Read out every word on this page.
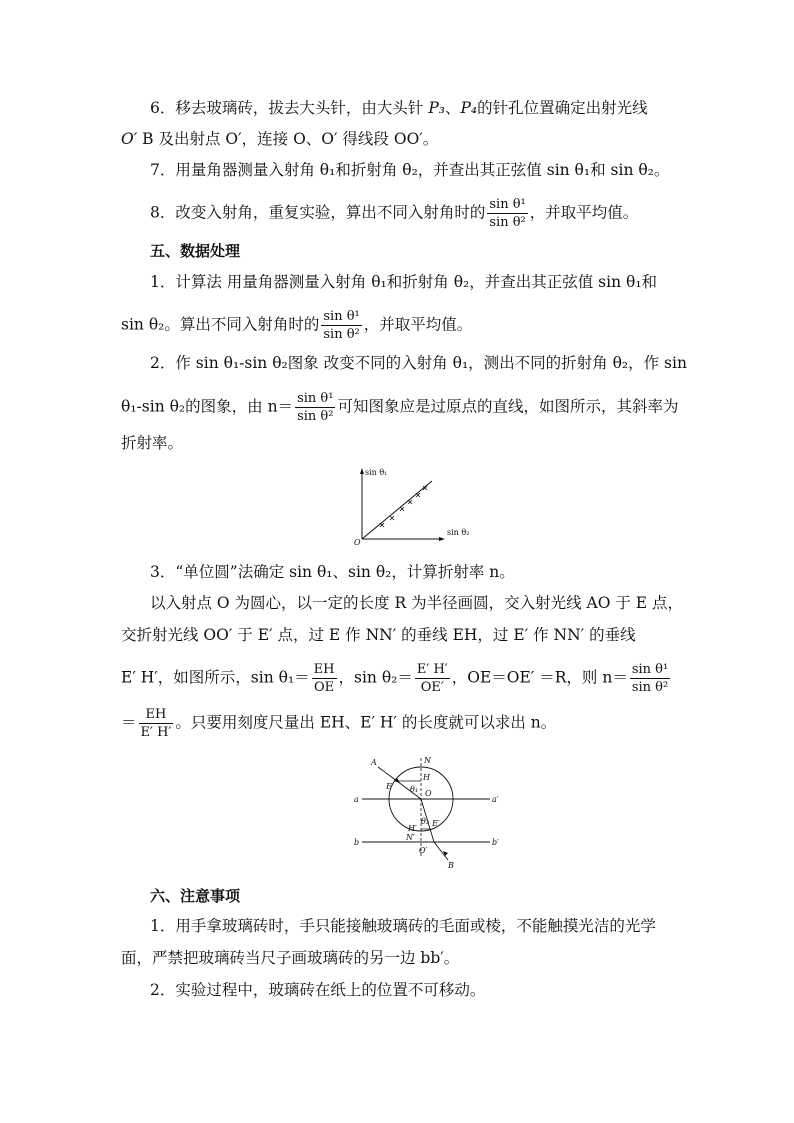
6．移去玻璃砖，拔去大头针，由大头针 P₃、P₄的针孔位置确定出射光线
O′ B 及出射点 O′，连接 O、O′ 得线段 OO′。
7．用量角器测量入射角 θ₁和折射角 θ₂，并查出其正弦值 sin θ₁和 sin θ₂。
8．改变入射角，重复实验，算出不同入射角时的 $\frac{\text{sin θ¹}}{\text{sin θ²}}$ ，并取平均值。
五、数据处理
1．计算法 用量角器测量入射角 θ₁和折射角 θ₂，并查出其正弦值 sin θ₁和
sin θ₂。算出不同入射角时的 $\frac{\text{sin θ¹}}{\text{sin θ²}}$ ，并取平均值。
2．作 sin θ₁-sin θ₂图象 改变不同的入射角 θ₁，测出不同的折射角 θ₂，作 sin
θ₁-sin θ₂的图象，由 $n= \frac{\text{sin θ¹}}{\text{sin θ²}}$ 可知图象应是过原点的直线，如图所示，其斜率为
折射率。
sin θ₁
sin θ₂
O
3．“单位圆”法确定 sin θ₁、sin θ₂，计算折射率 n。
以入射点 O 为圆心，以一定的长度 R 为半径画圆，交入射光线 AO 于 E 点，
交折射光线 OO′ 于 E′ 点，过 E 作 NN′ 的垂线 EH，过 E′ 作 NN′ 的垂线
E′ H′，如图所示，$\sin \theta_1= \frac{EH}{OE}$ ，$\sin \theta_2= \frac{E' H'}{OE'}$ ，OE＝OE′ ＝R，则 $n= \frac{\text{sin θ¹}}{\text{sin θ²}}$
＝ $\frac{EH}{E' H'}$ 。只要用刻度尺量出 EH、E′ H′ 的长度就可以求出 n。
A	N
H
E θ₁ O
a	a′
H′
θ₂ E′
N′
b	b′
O′
B
六、注意事项
1．用手拿玻璃砖时，手只能接触玻璃砖的毛面或棱，不能触摸光洁的光学
面，严禁把玻璃砖当尺子画玻璃砖的另一边 bb′。
2．实验过程中，玻璃砖在纸上的位置不可移动。
